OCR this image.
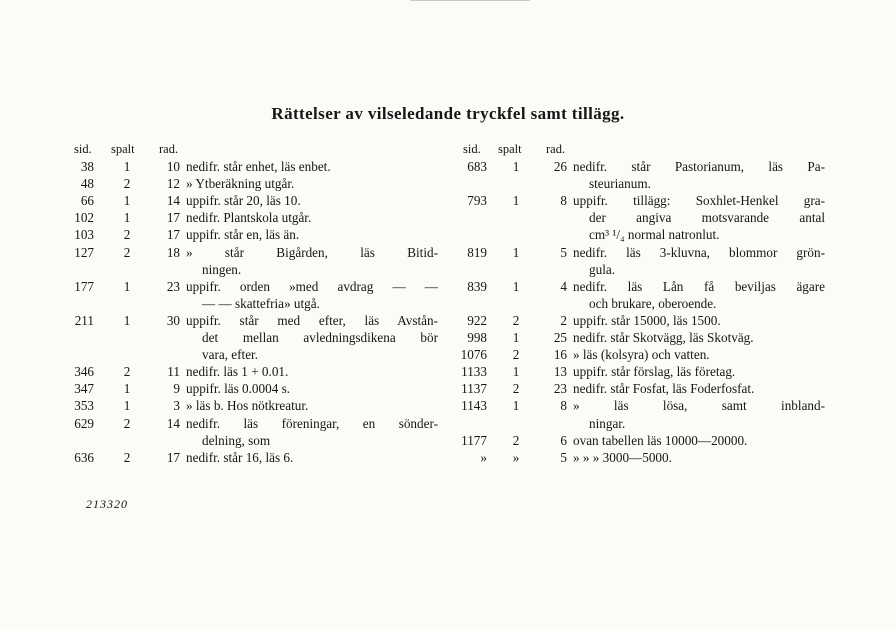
Rättelser av vilseledande tryckfel samt tillägg.
sid. spalt rad.
38	1	10 nedifr. står enhet, läs enbet.
48	2	12 » Ytberäkning utgår.
66	1	14 uppifr. står 20, läs 10.
102	1	17 nedifr. Plantskola utgår.
103	2	17 uppifr. står en, läs än.
127	2	18 » står Bigården, läs Bitid-
ningen.
177	1	23 uppifr. orden »med avdrag — —
— — skattefria» utgå.
211	1	30 uppifr. står med efter, läs Avstån-
det mellan avledningsdikena bör
vara, efter.
346	2	11 nedifr. läs 1 + 0.01.
347	1	9 uppifr. läs 0.0004 s.
353	1	3 » läs b. Hos nötkreatur.
629	2	14 nedifr. läs föreningar, en sönder-
delning, som
636	2	17 nedifr. står 16, läs 6.
sid. spalt rad.
683	1	26 nedifr. står Pastorianum, läs Pa-
steurianum.
793	1	8 uppifr. tillägg: Soxhlet-Henkel gra-
der angiva motsvarande antal
cm³ ¹/₄ normal natronlut.
819	1	5 nedifr. läs 3-kluvna, blommor grön-
gula.
839	1	4 nedifr. läs Lån få beviljas ägare
och brukare, oberoende.
922	2	2 uppifr. står 15000, läs 1500.
998	1	25 nedifr. står Skotvägg, läs Skotväg.
1076	2	16 » läs (kolsyra) och vatten.
1133	1	13 uppifr. står förslag, läs företag.
1137	2	23 nedifr. står Fosfat, läs Foderfosfat.
1143	1	8 » läs lösa, samt inbland-
ningar.
1177	2	6 ovan tabellen läs 10000—20000.
»	»	5 » » » 3000—5000.
213320
